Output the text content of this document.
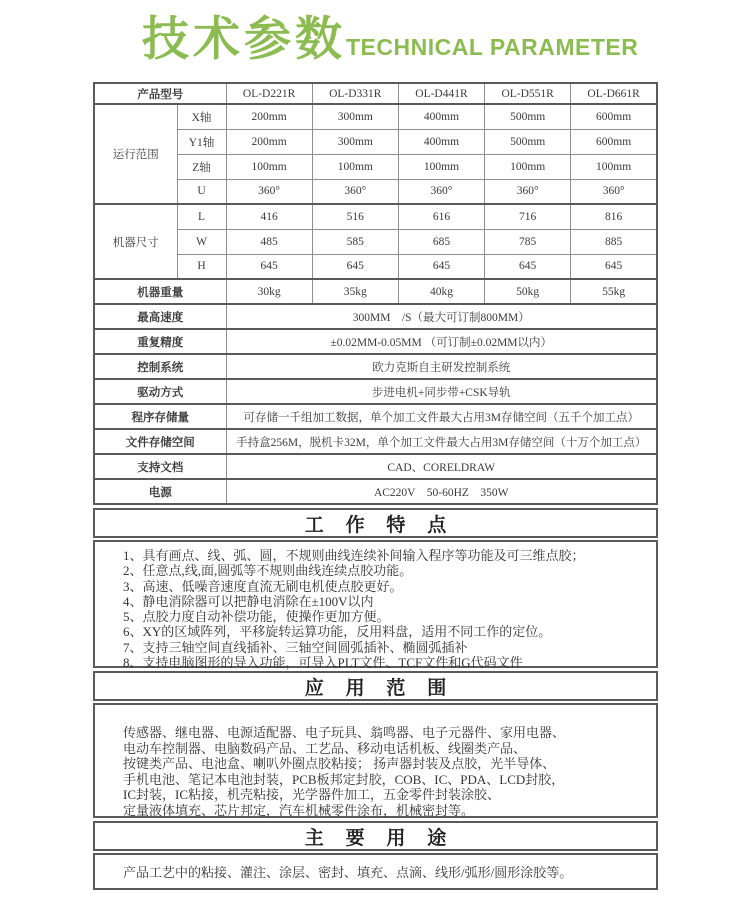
技术参数 TECHNICAL PARAMETER
产品型号		OL-D221R	OL-D331R	OL-D441R	OL-D551R	OL-D661R
运行范围	X轴	200mm	300mm	400mm	500mm	600mm
	Y1轴	200mm	300mm	400mm	500mm	600mm
	Z轴	100mm	100mm	100mm	100mm	100mm
	U	360°	360°	360°	360°	360°
机器尺寸	L	416	516	616	716	816
	W	485	585	685	785	885
	H	645	645	645	645	645
机器重量		30kg	35kg	40kg	50kg	55kg
最高速度		300MM　/S（最大可订制800MM）				
重复精度		±0.02MM-0.05MM （可订制±0.02MM以内）				
控制系统		欧力克斯自主研发控制系统				
驱动方式		步进电机+同步带+CSK导轨				
程序存储量		可存储一千组加工数据，单个加工文件最大占用3M存储空间（五千个加工点）				
文件存储空间		手持盒256M，脱机卡32M，单个加工文件最大占用3M存储空间（十万个加工点）				
支持文档		CAD、CORELDRAW				
电源		AC220V　50-60HZ　350W				
工 作 特 点
1、具有画点、线、弧、圆，不规则曲线连续补间输入程序等功能及可三维点胶；
2、任意点,线,面,圆弧等不规则曲线连续点胶功能。
3、高速、低噪音速度直流无刷电机使点胶更好。
4、静电消除器可以把静电消除在±100V以内
5、点胶力度自动补偿功能，使操作更加方便。
6、XY的区域阵列，平移旋转运算功能，反用料盘，适用不同工作的定位。
7、支持三轴空间直线插补、三轴空间圆弧插补、椭圆弧插补
8、支持电脑图形的导入功能，可导入PLT文件、TCF文件和G代码文件
应 用 范 围
传感器、继电器、电源适配器、电子玩具、翁鸣器、电子元器件、家用电器、
电动车控制器、电脑数码产品、工艺品、移动电话机板、线圈类产品、
按键类产品、电池盒、喇叭外圈点胶粘接； 扬声器封装及点胶，光半导体、
手机电池、笔记本电池封装，PCB板邦定封胶，COB、IC、PDA、LCD封胶，
IC封装，IC粘接，机壳粘接，光学器件加工，五金零件封装涂胶、
定量液体填充、芯片邦定，汽车机械零件涂布，机械密封等。
主 要 用 途
产品工艺中的粘接、灌注、涂层、密封、填充、点滴、线形/弧形/圆形涂胶等。
